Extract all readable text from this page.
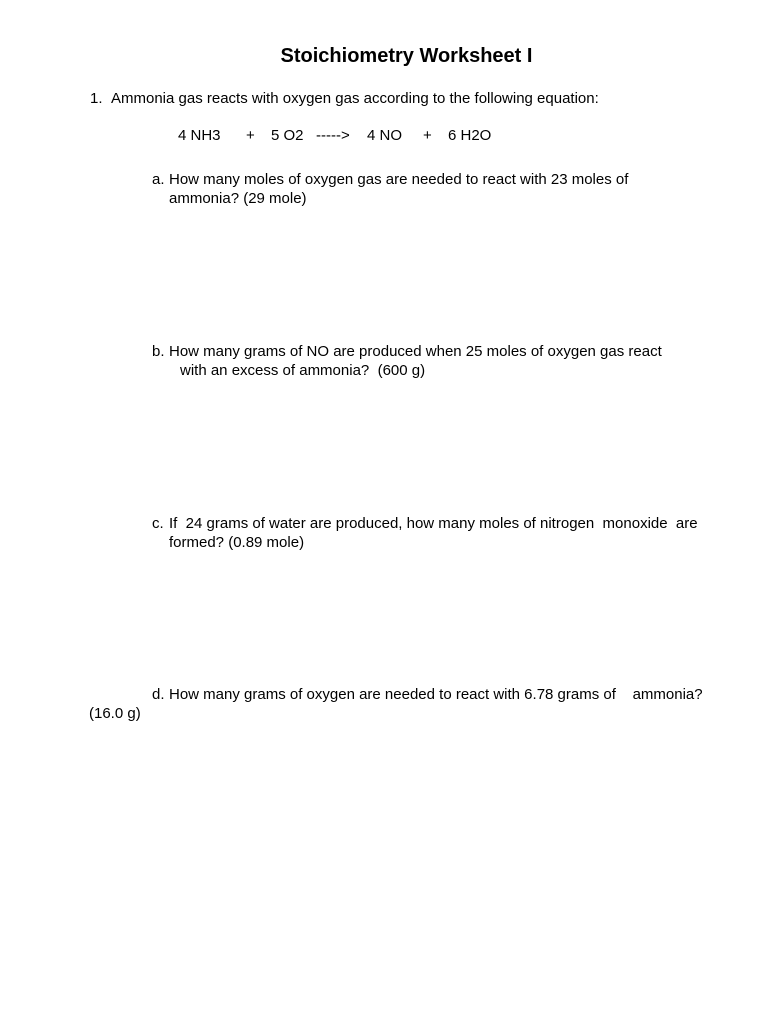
Stoichiometry Worksheet I
1. Ammonia gas reacts with oxygen gas according to the following equation:
4 NH3 + 5 O2 -----> 4 NO + 6 H2O
a. How many moles of oxygen gas are needed to react with 23 moles of
ammonia? (29 mole)
b. How many grams of NO are produced when 25 moles of oxygen gas react
with an excess of ammonia?  (600 g)
c. If  24 grams of water are produced, how many moles of nitrogen  monoxide  are
formed? (0.89 mole)
d. How many grams of oxygen are needed to react with 6.78 grams of    ammonia?
(16.0 g)
